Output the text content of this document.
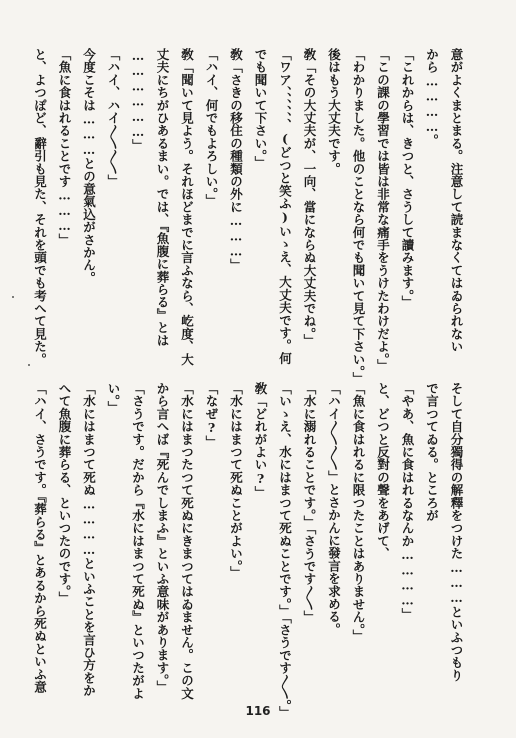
意がよくまとまる。注意して読まなくてはゐられない
から…………。
「これからは、きつと、さうして讀みます。」
「この課の學習では皆は非常な痛手をうけたわけだよ。」
「わかりました。他のことなら何でも聞いて見て下さい。」
後はもう大丈夫です。
敎「その大丈夫が、一向、當にならぬ大丈夫でね。」
「ワア、、、、、、(どつと笑ふ)いゝえ、大丈夫です。何
でも聞いて下さい。」
敎「さきの移住の種類の外に………」
「ハイ、何でもよろしい。」
敎「聞いて見よう。それほどまでに言ふなら、屹度、大
丈夫にちがひあるまい。では、『魚腹に葬らる』とは
………………」
「ハイ、ハイ〳〵〳〵」
今度こそは………との意氣込がさかん。
「魚に食はれることです………」
と、よつぽど、辭引も見た、それを頭でも考へて見た。
そして自分獨得の解釋をつけた………といふつもり
で言つてゐる。ところが
「やあ、魚に食はれるなんか…………」
と、どつと反對の聲をあげて、
「魚に食はれるに限つたことはありません。」
「ハイ〳〵〳〵」とさかんに發言を求める。
「水に溺れることです。」「さうです〳〵」
「いゝえ、水にはまつて死ぬことです。」「さうです〳〵。」
敎「どれがよい?」
「水にはまつて死ぬことがよい。」
「なぜ?」
「水にはまつたつて死ぬにきまつてはゐません。この文
から言へば『死んでしまふ』といふ意味があります。」
「さうです。だから『水にはまつて死ぬ』といつたがよ
い。」
「水にはまつて死ぬ…………といふことを言ひ方をか
へて魚腹に葬らる、といつたのです。」
「ハイ、さうです。『葬らる』とあるから死ぬといふ意
116
